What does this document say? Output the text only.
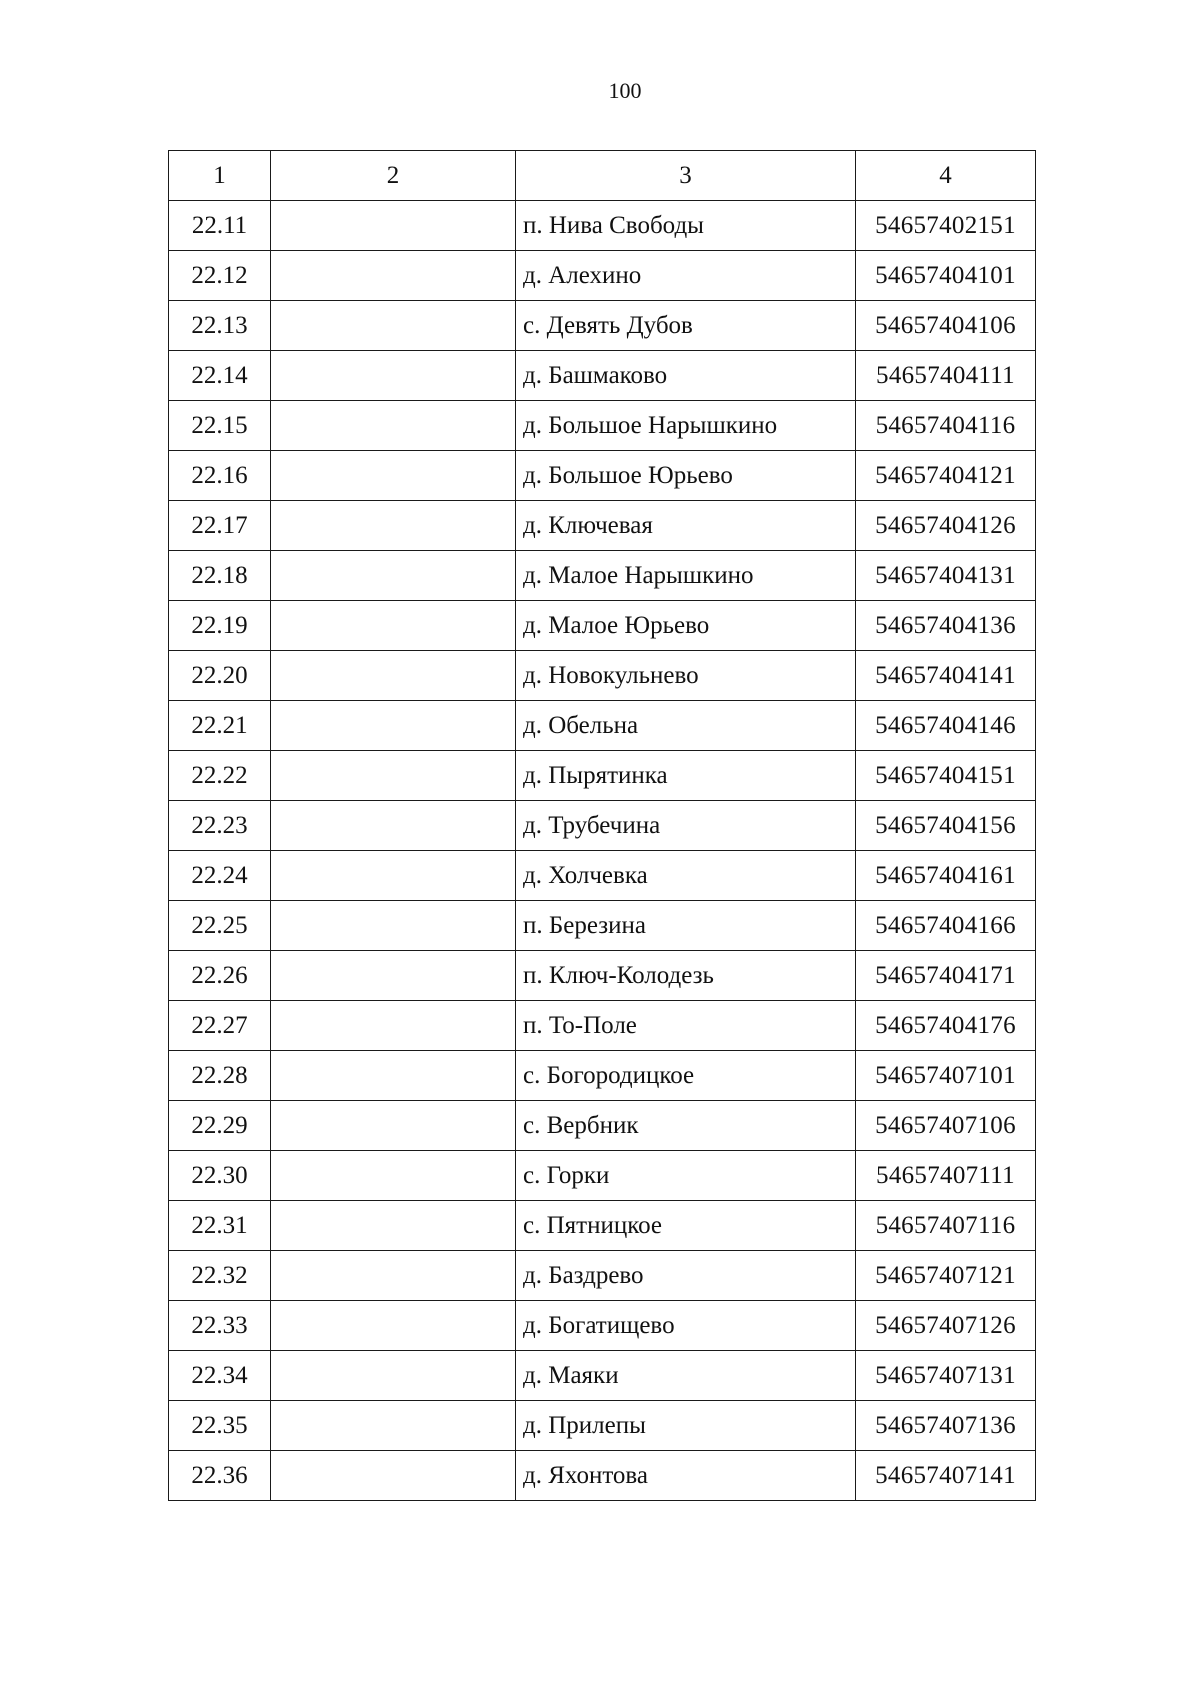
100
1	2	3	4
22.11		п. Нива Свободы	54657402151
22.12		д. Алехино	54657404101
22.13		с. Девять Дубов	54657404106
22.14		д. Башмаково	54657404111
22.15		д. Большое Нарышкино	54657404116
22.16		д. Большое Юрьево	54657404121
22.17		д. Ключевая	54657404126
22.18		д. Малое Нарышкино	54657404131
22.19		д. Малое Юрьево	54657404136
22.20		д. Новокульнево	54657404141
22.21		д. Обельна	54657404146
22.22		д. Пырятинка	54657404151
22.23		д. Трубечина	54657404156
22.24		д. Холчевка	54657404161
22.25		п. Березина	54657404166
22.26		п. Ключ-Колодезь	54657404171
22.27		п. То-Поле	54657404176
22.28		с. Богородицкое	54657407101
22.29		с. Вербник	54657407106
22.30		с. Горки	54657407111
22.31		с. Пятницкое	54657407116
22.32		д. Баздрево	54657407121
22.33		д. Богатищево	54657407126
22.34		д. Маяки	54657407131
22.35		д. Прилепы	54657407136
22.36		д. Яхонтова	54657407141
